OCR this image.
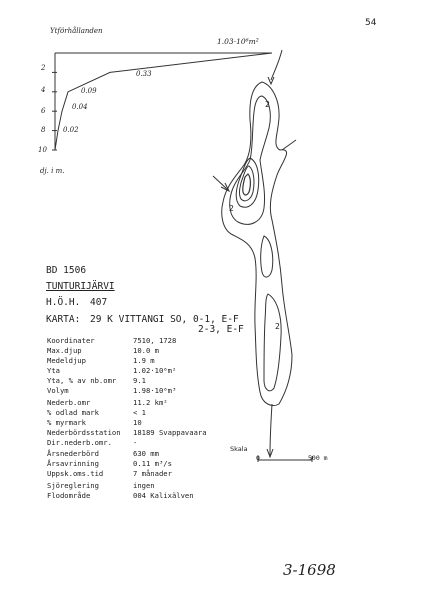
54
Ytförhållanden
1.03·10⁶m²
0.33
0.09
0.04
0.02
2
4
6
8
10
dj. i m.
2
2
2
Skala
0	500 m
BD 1506
TUNTURIJÄRVI
H.Ö.H. 407
KARTA: 29 K VITTANGI SO, 0-1, E-F
2-3, E-F
Koordinater	7510, 1728
Max.djup	10.0 m
Medeldjup	1.9 m
Yta	1.02·10⁶m²
Yta, % av nb.omr 9.1
Volym	1.98·10⁶m³
Nederb.omr	11.2 km²
% odlad mark	< 1
% myrmark	10
Nederbördsstation 18189 Svappavaara
Dir.nederb.omr.	-
Årsnederbörd	630 mm
Årsavrinning	0.11 m³/s
Uppsk.oms.tid	7 månader
Sjöreglering	ingen
Flodområde	004 Kalixälven
3-1698
